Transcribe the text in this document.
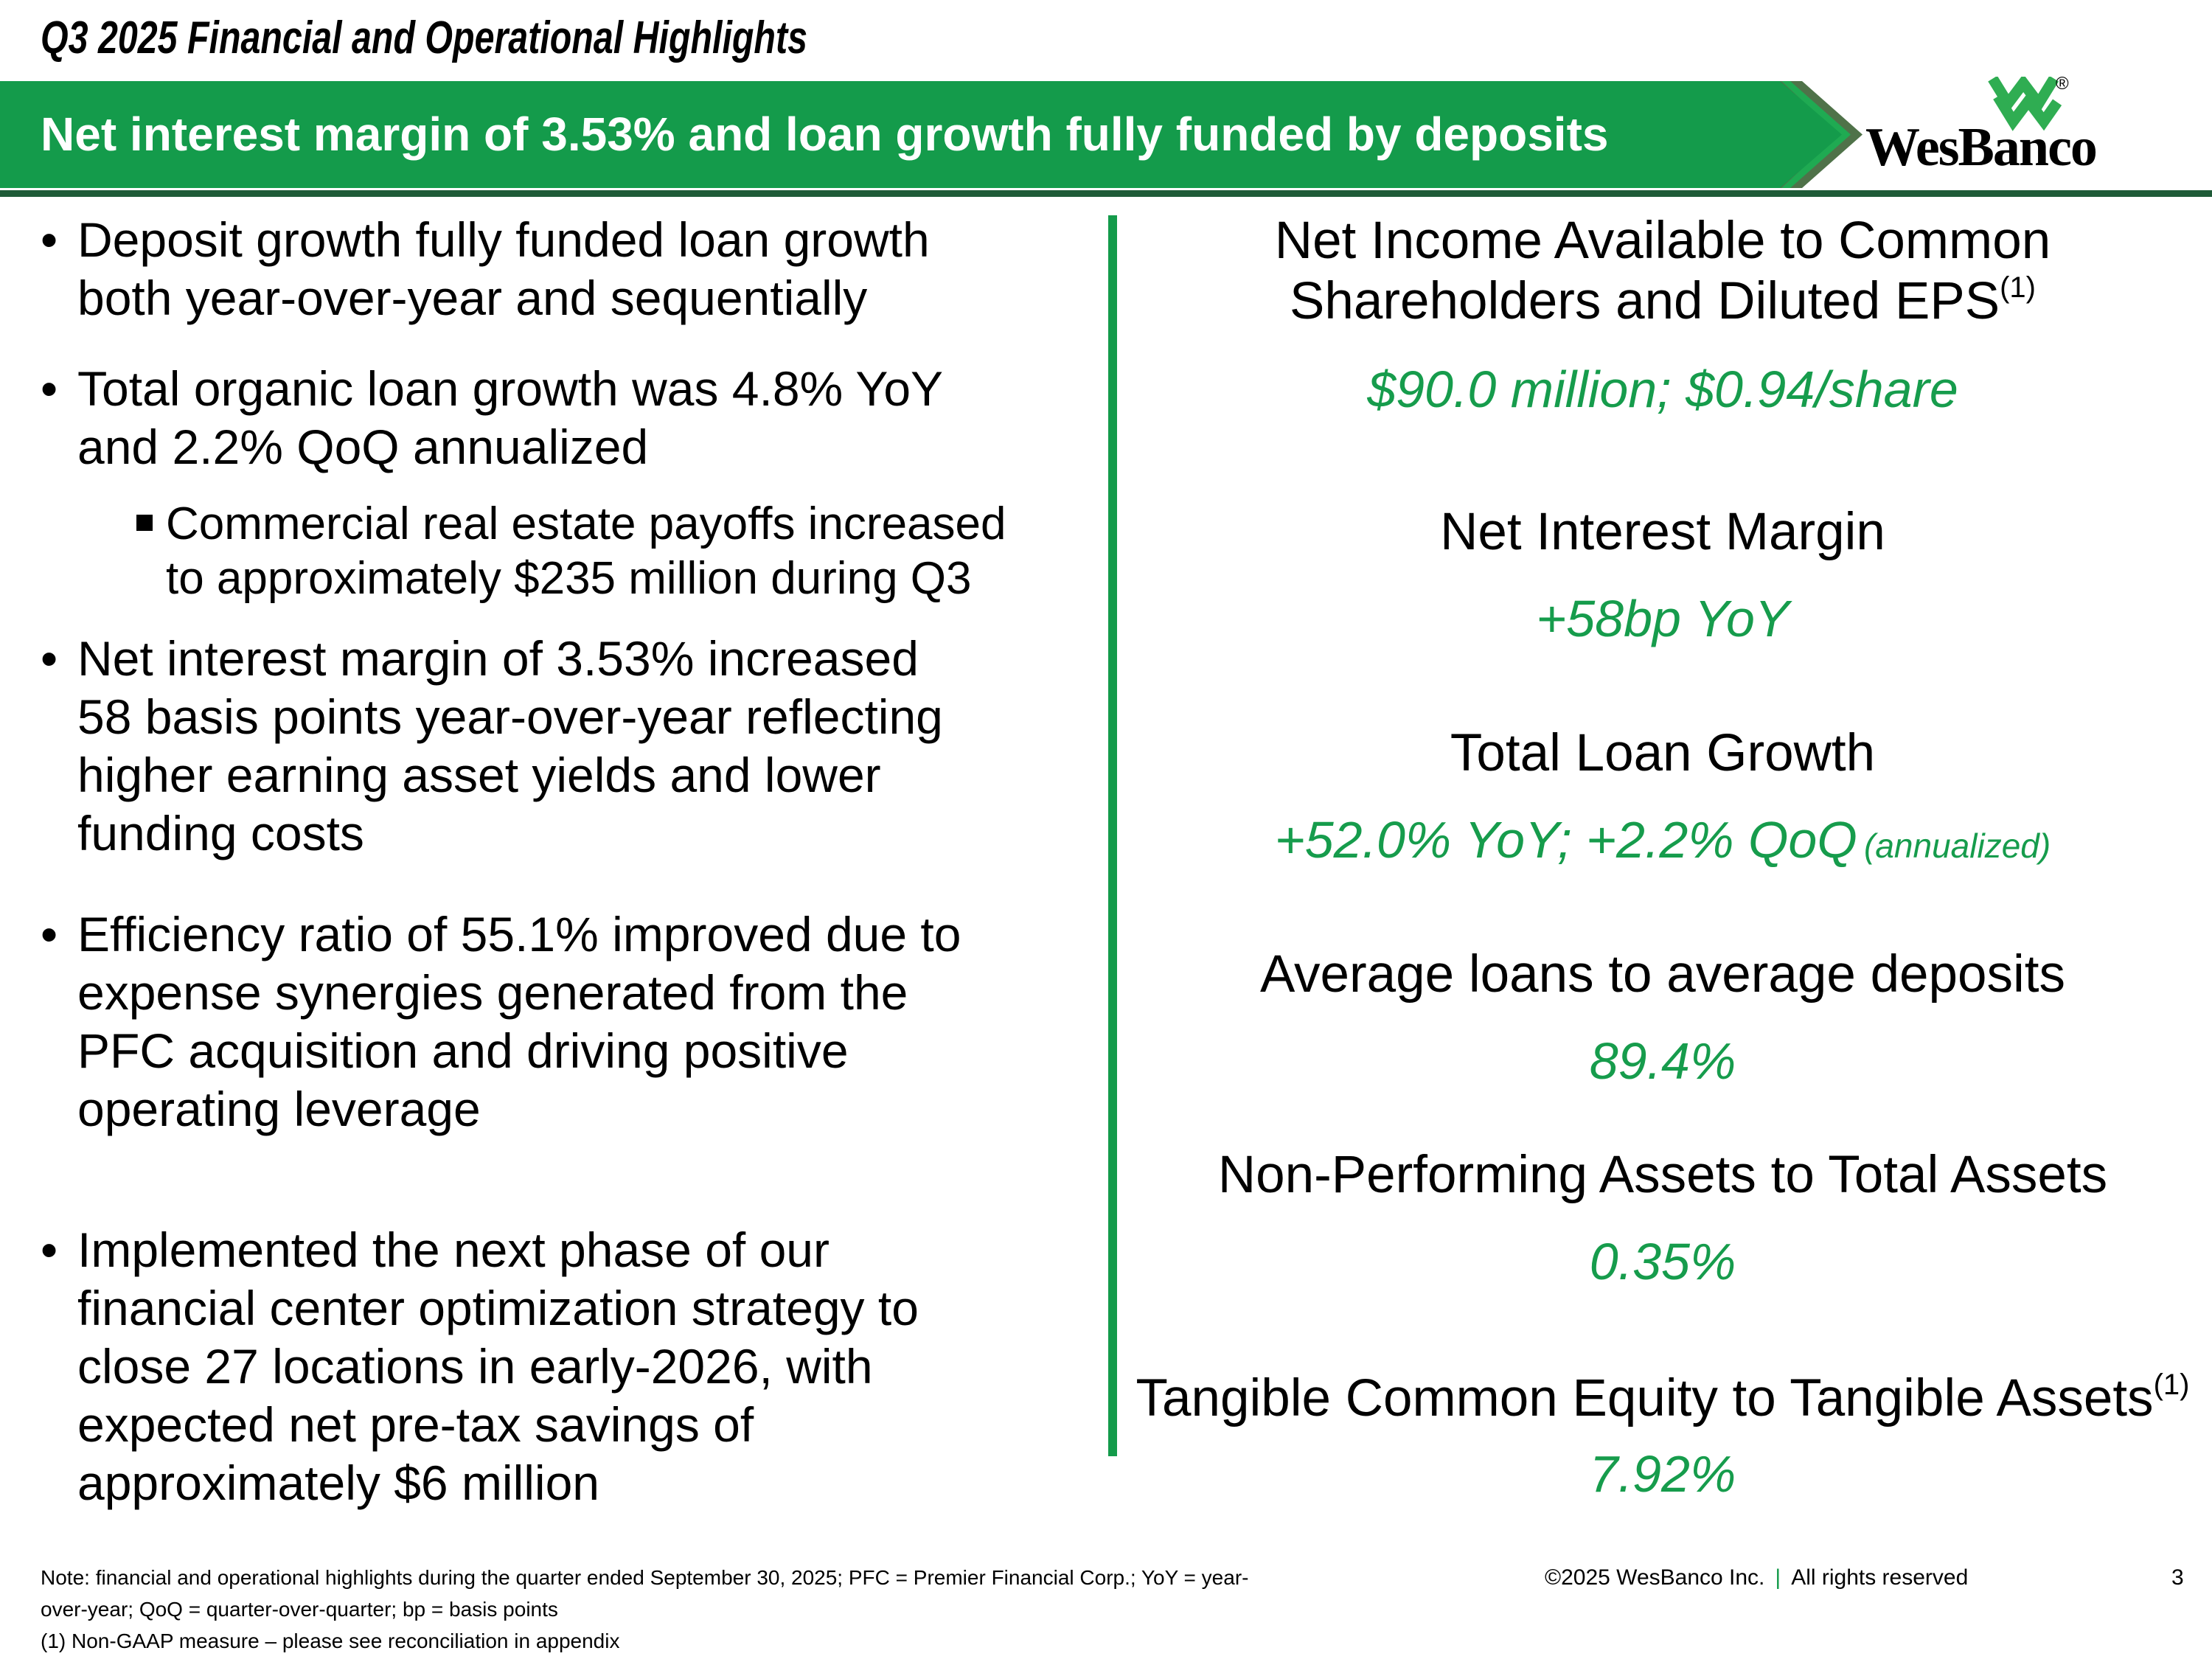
Q3 2025 Financial and Operational Highlights
Net interest margin of 3.53% and loan growth fully funded by deposits
®
WesBanco
• Deposit growth fully funded loan growth
both year-over-year and sequentially
• Total organic loan growth was 4.8% YoY
and 2.2% QoQ annualized
Commercial real estate payoffs increased
to approximately $235 million during Q3
• Net interest margin of 3.53% increased
58 basis points year-over-year reflecting
higher earning asset yields and lower
funding costs
• Efficiency ratio of 55.1% improved due to
expense synergies generated from the
PFC acquisition and driving positive
operating leverage
• Implemented the next phase of our
financial center optimization strategy to
close 27 locations in early-2026, with
expected net pre-tax savings of
approximately $6 million
Net Income Available to Common
Shareholders and Diluted EPS$^{(1)}$
$90.0 million; $0.94/share
Net Interest Margin
+58bp YoY
Total Loan Growth
+52.0% YoY; +2.2% QoQ (annualized)
Average loans to average deposits
89.4%
Non-Performing Assets to Total Assets
0.35%
Tangible Common Equity to Tangible Assets$^{(1)}$
7.92%
Note: financial and operational highlights during the quarter ended September 30, 2025; PFC = Premier Financial Corp.; YoY = year-
over-year; QoQ = quarter-over-quarter; bp = basis points
(1) Non-GAAP measure – please see reconciliation in appendix
©2025 WesBanco Inc. | All rights reserved	3
